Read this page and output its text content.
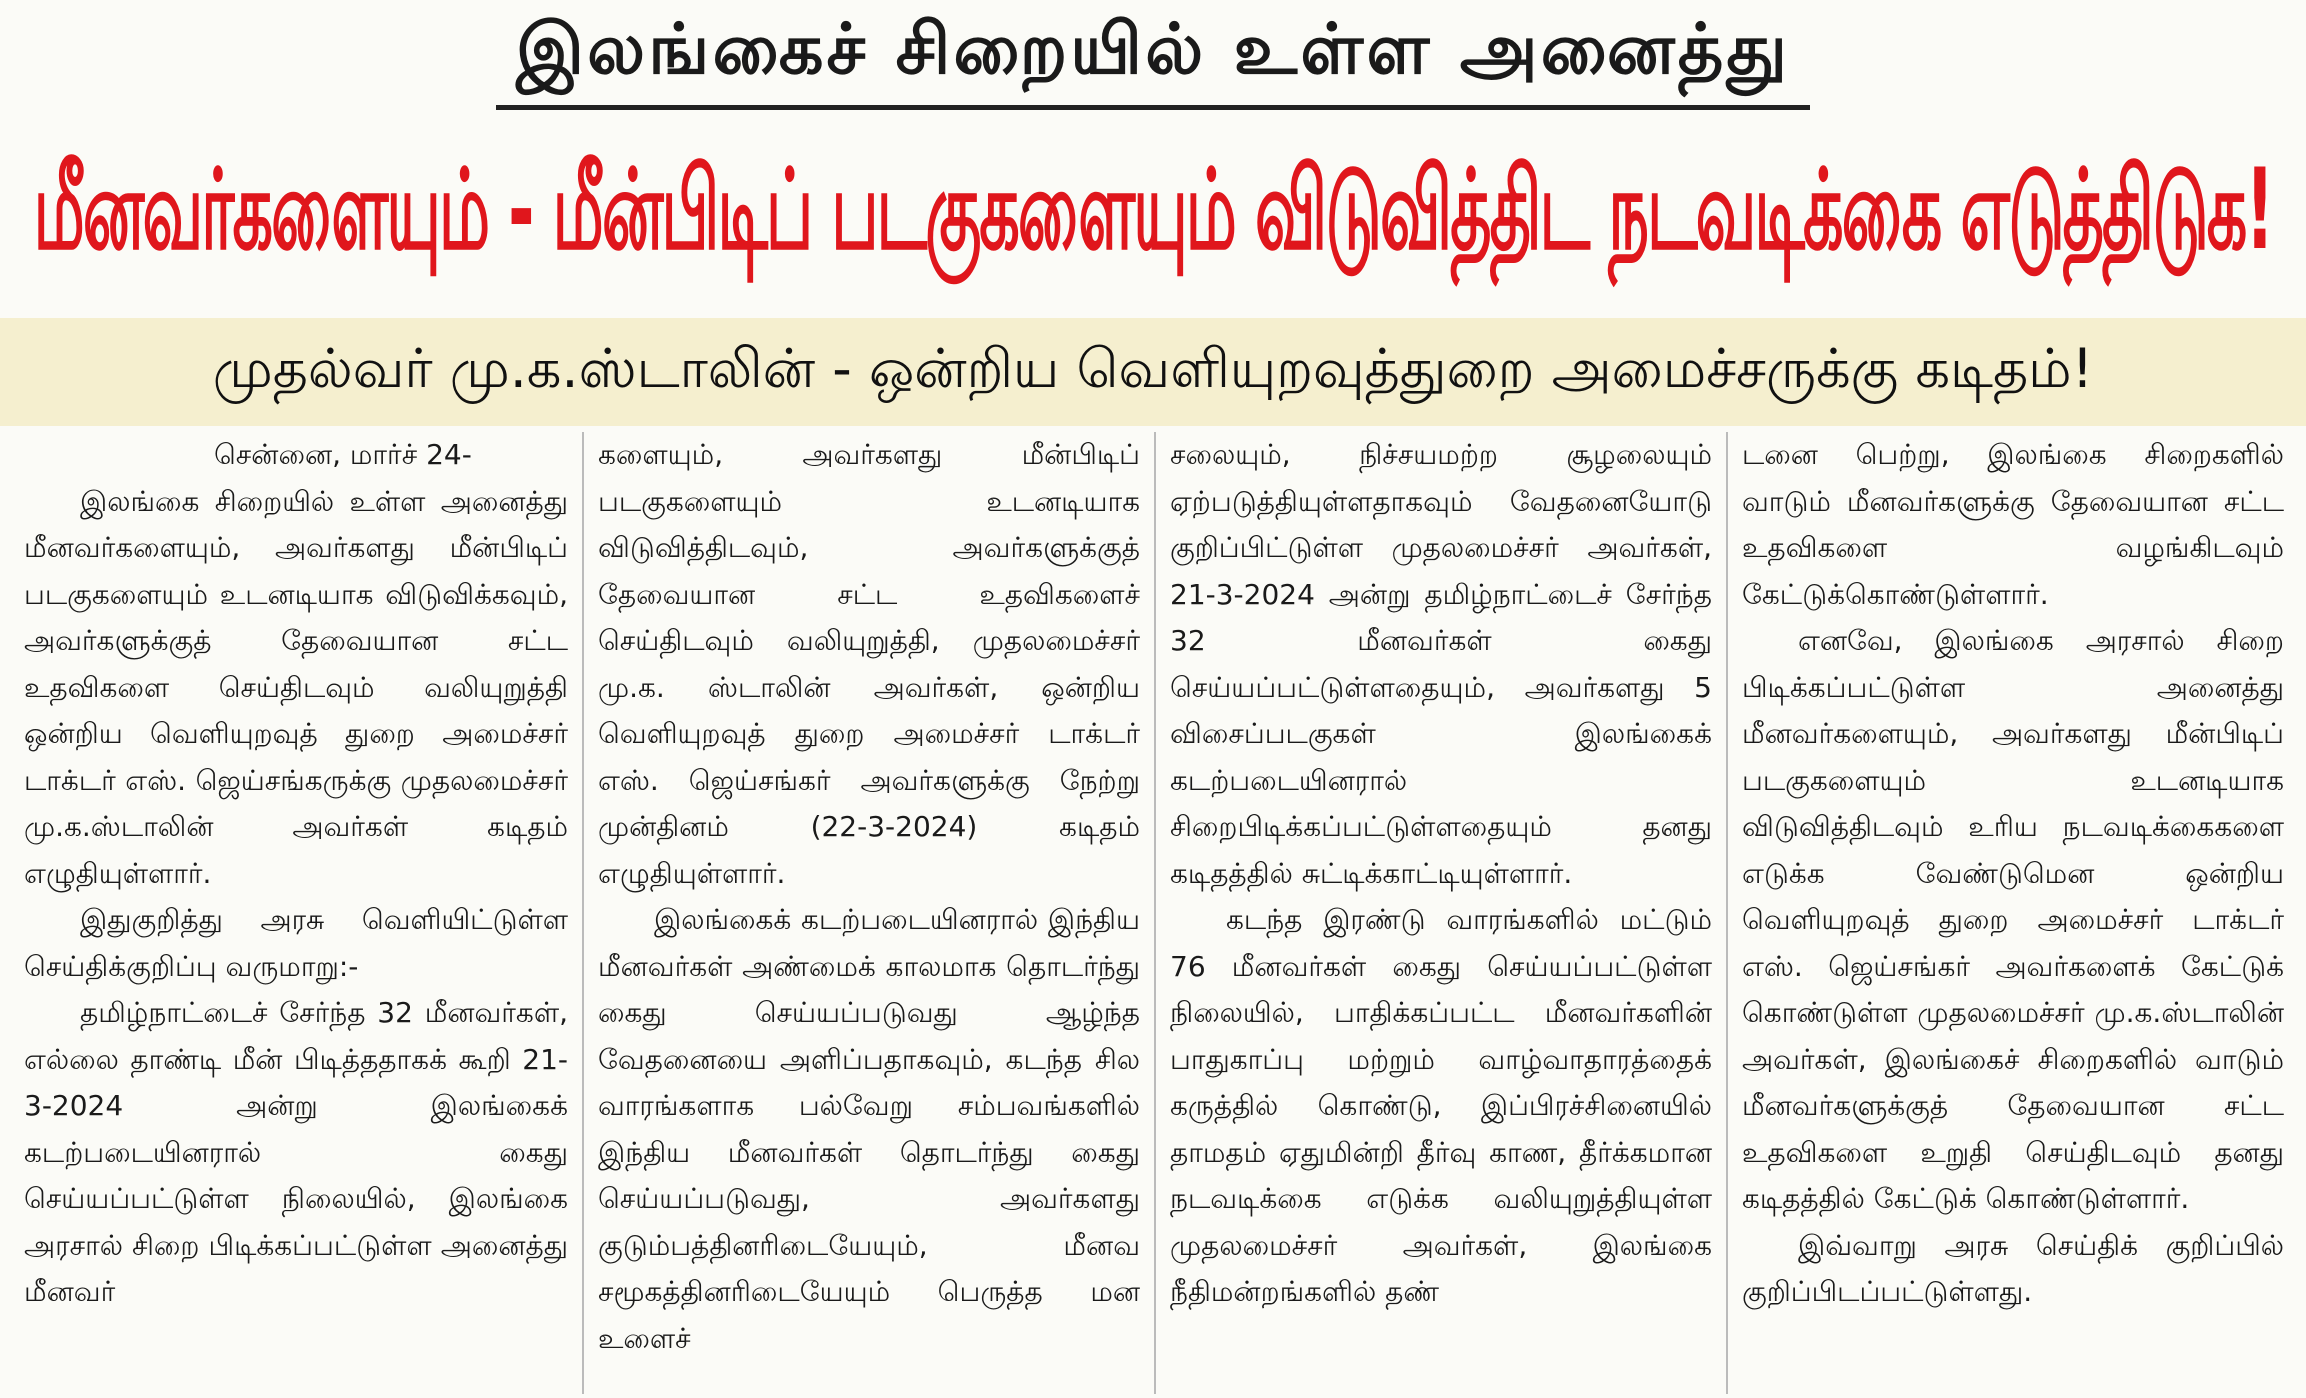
இலங்கைச் சிறையில் உள்ள அனைத்து
மீனவர்களையும் - மீன்பிடிப் படகுகளையும் விடுவித்திட நடவடிக்கை எடுத்திடுக!
முதல்வர் மு.க.ஸ்டாலின் - ஒன்றிய வெளியுறவுத்துறை அமைச்சருக்கு கடிதம்!

சென்னை, மார்ச் 24-

இலங்கை சிறையில் உள்ள அனைத்து மீனவர்களையும், அவர்களது மீன்பிடிப் படகுகளையும் உடனடியாக விடுவிக்கவும், அவர்களுக்குத் தேவையான சட்ட உதவிகளை செய்திடவும் வலியுறுத்தி ஒன்றிய வெளியுறவுத் துறை அமைச்சர் டாக்டர் எஸ். ஜெய்சங்கருக்கு முதலமைச்சர் மு.க.ஸ்டாலின் அவர்கள் கடிதம் எழுதியுள்ளார்.

இதுகுறித்து அரசு வெளியிட்டுள்ள செய்திக்குறிப்பு வருமாறு:-

தமிழ்நாட்டைச் சேர்ந்த 32 மீனவர்கள், எல்லை தாண்டி மீன் பிடித்ததாகக் கூறி 21-3-2024 அன்று இலங்கைக் கடற்படையினரால் கைது செய்யப்பட்டுள்ள நிலையில், இலங்கை அரசால் சிறை பிடிக்கப்பட்டுள்ள அனைத்து மீனவர்

களையும், அவர்களது மீன்பிடிப் படகுகளையும் உடனடியாக விடுவித்திடவும், அவர்களுக்குத் தேவையான சட்ட உதவிகளைச் செய்திடவும் வலியுறுத்தி, முதலமைச்சர் மு.க. ஸ்டாலின் அவர்கள், ஒன்றிய வெளியுறவுத் துறை அமைச்சர் டாக்டர் எஸ். ஜெய்சங்கர் அவர்களுக்கு நேற்று முன்தினம் (22-3-2024) கடிதம் எழுதியுள்ளார்.

இலங்கைக் கடற்படையினரால் இந்திய மீனவர்கள் அண்மைக் காலமாக தொடர்ந்து கைது செய்யப்படுவது ஆழ்ந்த வேதனையை அளிப்பதாகவும், கடந்த சில வாரங்களாக பல்வேறு சம்பவங்களில் இந்திய மீனவர்கள் தொடர்ந்து கைது செய்யப்படுவது, அவர்களது குடும்பத்தினரிடையேயும், மீனவ சமூகத்தினரிடையேயும் பெருத்த மன உளைச்

சலையும், நிச்சயமற்ற சூழலையும் ஏற்படுத்தியுள்ளதாகவும் வேதனையோடு குறிப்பிட்டுள்ள முதலமைச்சர் அவர்கள், 21-3-2024 அன்று தமிழ்நாட்டைச் சேர்ந்த 32 மீனவர்கள் கைது செய்யப்பட்டுள்ளதையும், அவர்களது 5 விசைப்படகுகள் இலங்கைக் கடற்படையினரால் சிறைபிடிக்கப்பட்டுள்ளதையும் தனது கடிதத்தில் சுட்டிக்காட்டியுள்ளார்.

கடந்த இரண்டு வாரங்களில் மட்டும் 76 மீனவர்கள் கைது செய்யப்பட்டுள்ள நிலையில், பாதிக்கப்பட்ட மீனவர்களின் பாதுகாப்பு மற்றும் வாழ்வாதாரத்தைக் கருத்தில் கொண்டு, இப்பிரச்சினையில் தாமதம் ஏதுமின்றி தீர்வு காண, தீர்க்கமான நடவடிக்கை எடுக்க வலியுறுத்தியுள்ள முதலமைச்சர் அவர்கள், இலங்கை நீதிமன்றங்களில் தண்

டனை பெற்று, இலங்கை சிறைகளில் வாடும் மீனவர்களுக்கு தேவையான சட்ட உதவிகளை வழங்கிடவும் கேட்டுக்கொண்டுள்ளார்.

எனவே, இலங்கை அரசால் சிறை பிடிக்கப்பட்டுள்ள அனைத்து மீனவர்களையும், அவர்களது மீன்பிடிப் படகுகளையும் உடனடியாக விடுவித்திடவும் உரிய நடவடிக்கைகளை எடுக்க வேண்டுமென ஒன்றிய வெளியுறவுத் துறை அமைச்சர் டாக்டர் எஸ். ஜெய்சங்கர் அவர்களைக் கேட்டுக் கொண்டுள்ள முதலமைச்சர் மு.க.ஸ்டாலின் அவர்கள், இலங்கைச் சிறைகளில் வாடும் மீனவர்களுக்குத் தேவையான சட்ட உதவிகளை உறுதி செய்திடவும் தனது கடிதத்தில் கேட்டுக் கொண்டுள்ளார்.

இவ்வாறு அரசு செய்திக் குறிப்பில் குறிப்பிடப்பட்டுள்ளது.
